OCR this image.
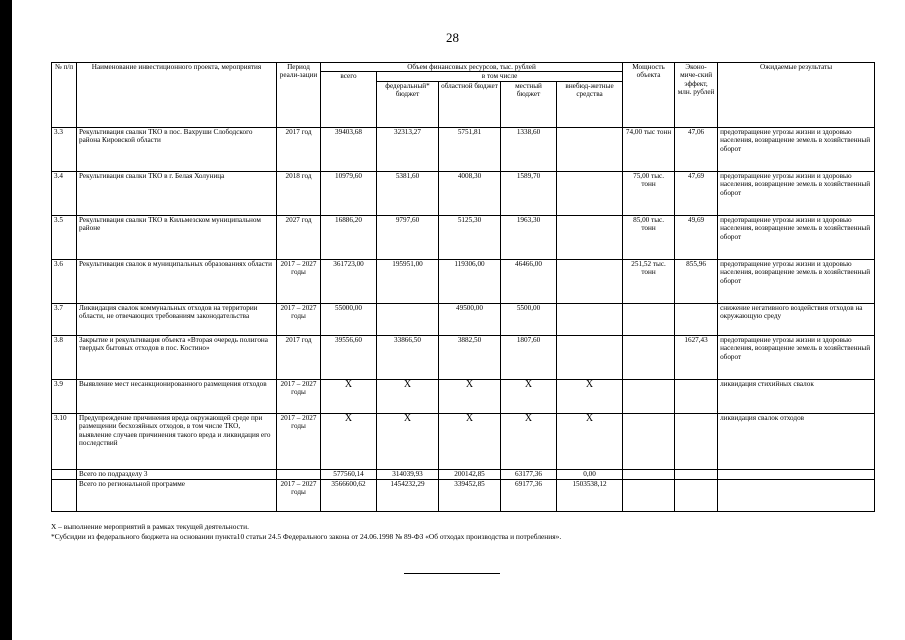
28
№ п/п	Наименование инвестиционного проекта, мероприятия	Период реали-зации	Объем финансовых ресурсов, тыс. рублей					Мощность объекта	Эконо-миче-ский эффект, млн. рублей	Ожидаемые результаты
			всего	в том числе						
				федеральный* бюджет	областной бюджет	местный бюджет	внебюд-жетные средства			
3.3	Рекультивация свалки ТКО в пос. Вахруши Слободского района Кировской области	2017 год	39403,68	32313,27	5751,81	1338,60		74,00 тыс тонн	47,06	предотвращение угрозы жизни и здоровью населения, возвращение земель в хозяйственный оборот
3.4	Рекультивация свалки ТКО в г. Белая Холуница	2018 год	10979,60	5381,60	4008,30	1589,70		75,00 тыс. тонн	47,69	предотвращение угрозы жизни и здоровью населения, возвращение земель в хозяйственный оборот
3.5	Рекультивация свалки ТКО в Кильмезском муниципальном районе	2027 год	16886,20	9797,60	5125,30	1963,30		85,00 тыс. тонн	49,69	предотвращение угрозы жизни и здоровью населения, возвращение земель в хозяйственный оборот
3.6	Рекультивация свалок в муниципальных образованиях области	2017 – 2027 годы	361723,00	195951,00	119306,00	46466,00		251,52 тыс. тонн	855,96	предотвращение угрозы жизни и здоровью населения, возвращение земель в хозяйственный оборот
3.7	Ликвидация свалок коммунальных отходов на территории области, не отвечающих требованиям законодательства	2017 – 2027 годы	55000,00		49500,00	5500,00				снижение негативного воздействия отходов на окружающую среду
3.8	Закрытие и рекультивация объекта «Вторая очередь полигона твердых бытовых отходов в пос. Костино»	2017 год	39556,60	33866,50	3882,50	1807,60			1627,43	предотвращение угрозы жизни и здоровью населения, возвращение земель в хозяйственный оборот
3.9	Выявление мест несанкционированного размещения отходов	2017 – 2027 годы	X	X	X	X	X			ликвидация стихийных свалок
3.10	Предупреждение причинения вреда окружающей среде при размещении бесхозяйных отходов, в том числе ТКО, выявление случаев причинения такого вреда и ликвидация его последствий	2017 – 2027 годы	X	X	X	X	X			ликвидация свалок отходов
	Всего по подразделу 3		577560,14	314039,93	200142,85	63177,36	0,00			
	Всего по региональной программе	2017 – 2027 годы	3566600,62	1454232,29	339452,85	69177,36	1503538,12			
Х – выполнение мероприятий в рамках текущей деятельности.
*Субсидии из федерального бюджета на основании пункта10 статьи 24.5 Федерального закона от 24.06.1998 № 89-ФЗ «Об отходах производства и потребления».
